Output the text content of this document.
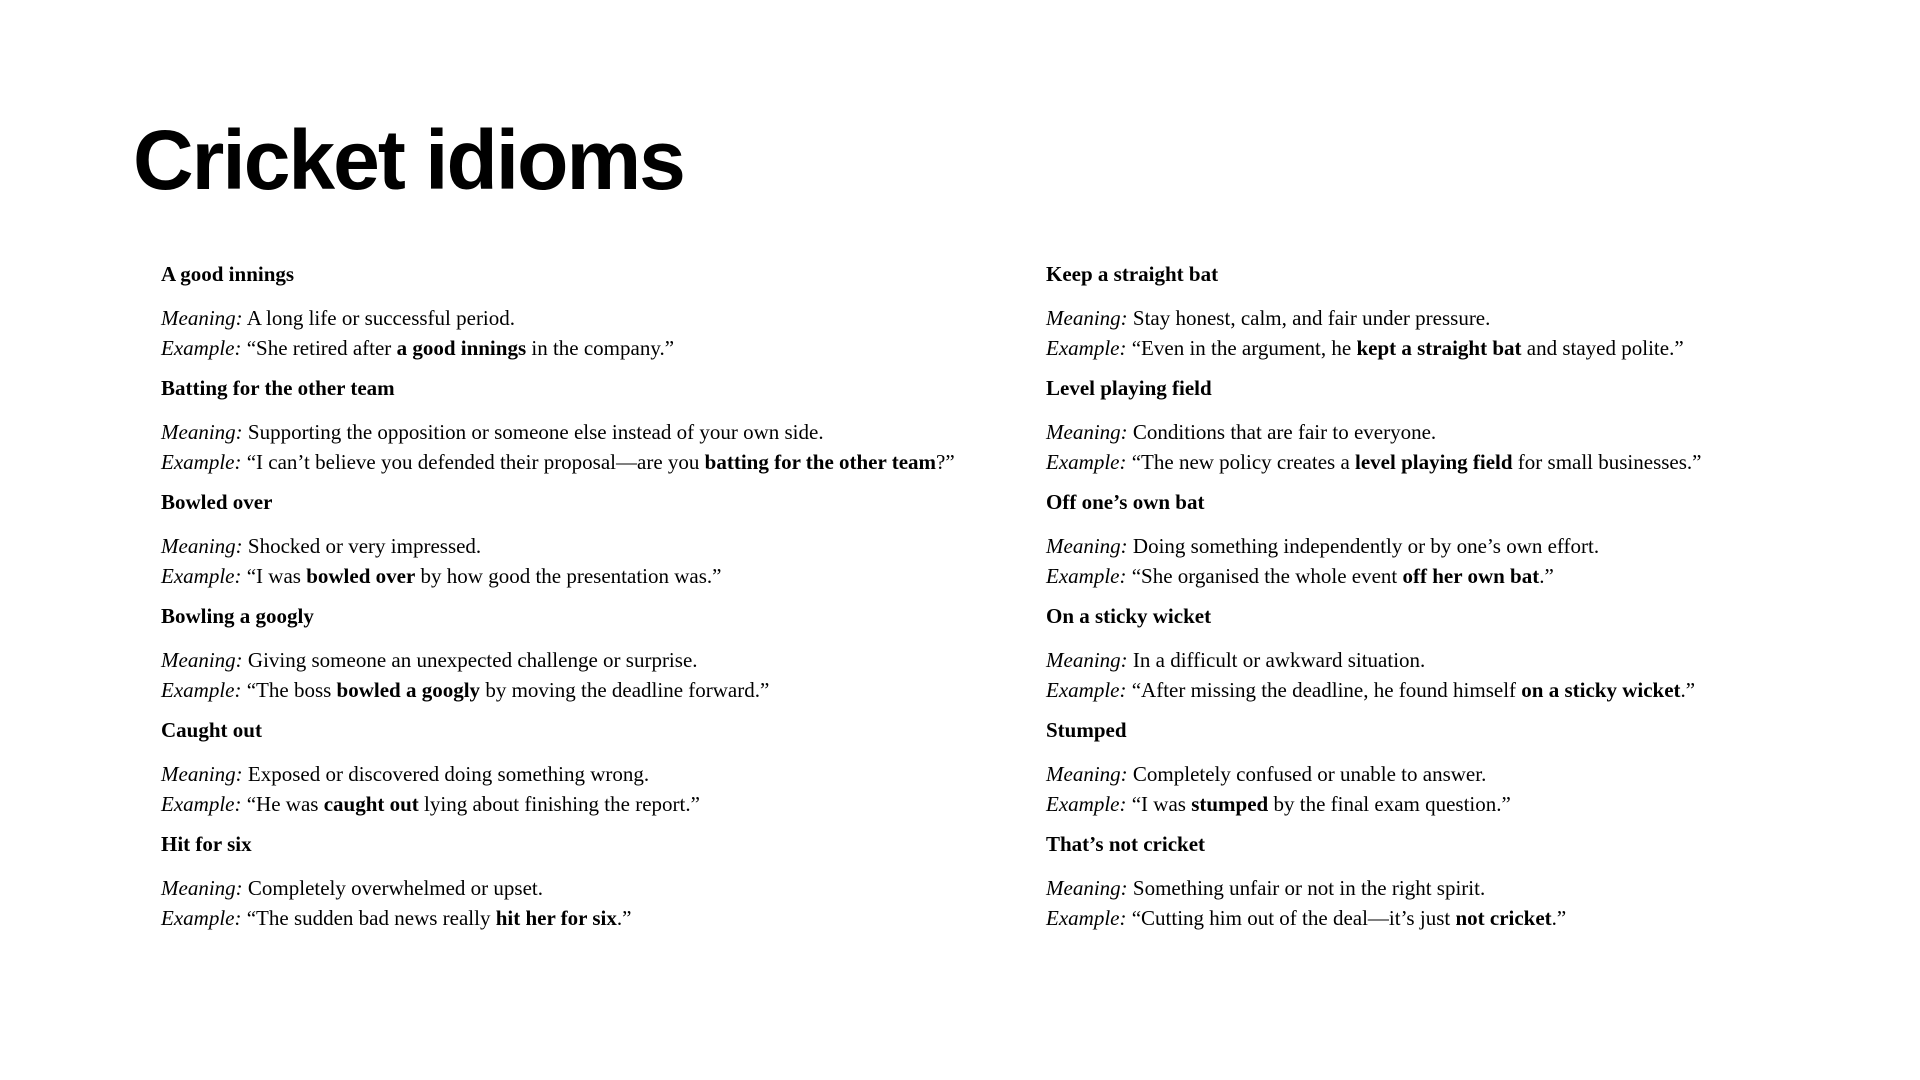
Cricket idioms
A good innings

Meaning: A long life or successful period.
Example: “She retired after a good innings in the company.”

Batting for the other team

Meaning: Supporting the opposition or someone else instead of your own side.
Example: “I can’t believe you defended their proposal—are you batting for the other team?”

Bowled over

Meaning: Shocked or very impressed.
Example: “I was bowled over by how good the presentation was.”

Bowling a googly

Meaning: Giving someone an unexpected challenge or surprise.
Example: “The boss bowled a googly by moving the deadline forward.”

Caught out

Meaning: Exposed or discovered doing something wrong.
Example: “He was caught out lying about finishing the report.”

Hit for six

Meaning: Completely overwhelmed or upset.
Example: “The sudden bad news really hit her for six.”

Keep a straight bat

Meaning: Stay honest, calm, and fair under pressure.
Example: “Even in the argument, he kept a straight bat and stayed polite.”

Level playing field

Meaning: Conditions that are fair to everyone.
Example: “The new policy creates a level playing field for small businesses.”

Off one’s own bat

Meaning: Doing something independently or by one’s own effort.
Example: “She organised the whole event off her own bat.”

On a sticky wicket

Meaning: In a difficult or awkward situation.
Example: “After missing the deadline, he found himself on a sticky wicket.”

Stumped

Meaning: Completely confused or unable to answer.
Example: “I was stumped by the final exam question.”

That’s not cricket

Meaning: Something unfair or not in the right spirit.
Example: “Cutting him out of the deal—it’s just not cricket.”
